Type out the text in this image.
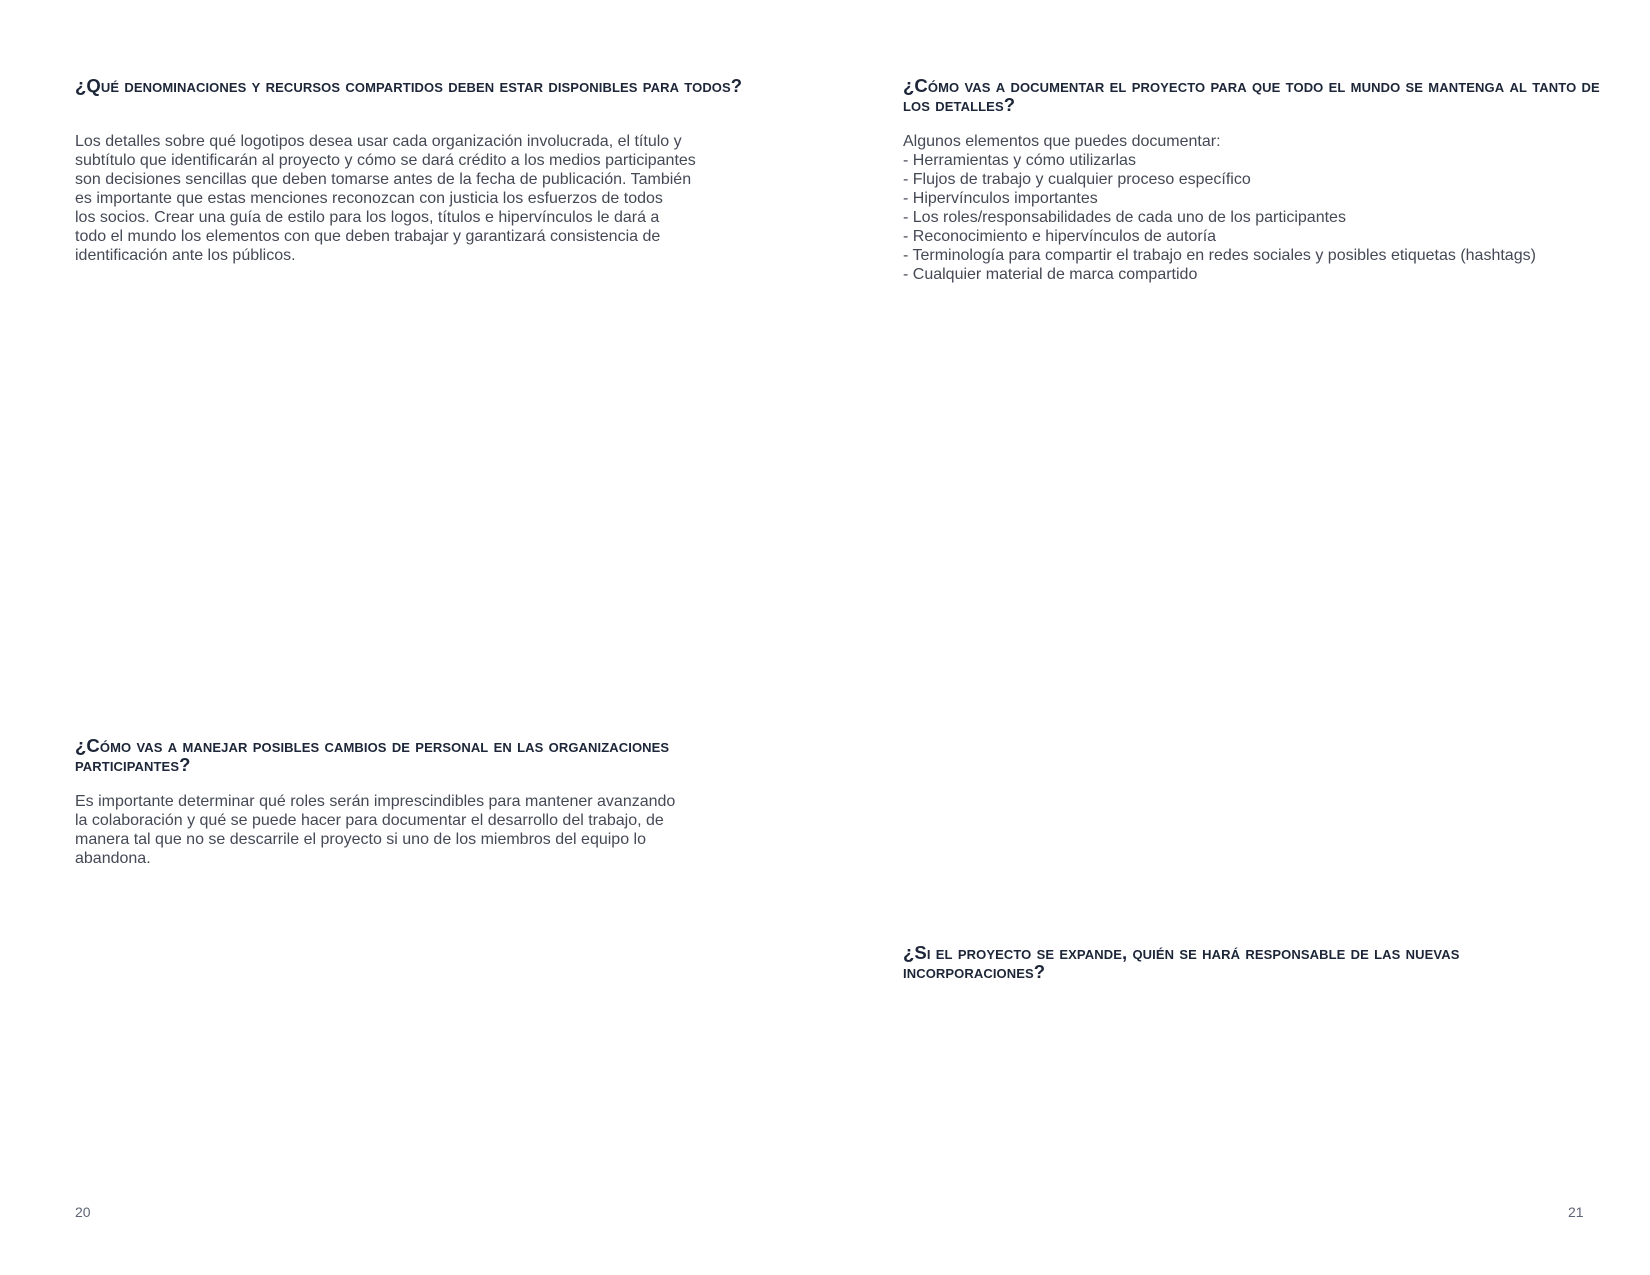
¿Qué denominaciones y recursos compartidos deben estar disponibles para todos?

Los detalles sobre qué logotipos desea usar cada organización involucrada, el título y
subtítulo que identificarán al proyecto y cómo se dará crédito a los medios participantes
son decisiones sencillas que deben tomarse antes de la fecha de publicación. También
es importante que estas menciones reconozcan con justicia los esfuerzos de todos
los socios. Crear una guía de estilo para los logos, títulos e hipervínculos le dará a
todo el mundo los elementos con que deben trabajar y garantizará consistencia de
identificación ante los públicos.

¿Cómo vas a manejar posibles cambios de personal en las organizaciones participantes?

Es importante determinar qué roles serán imprescindibles para mantener avanzando
la colaboración y qué se puede hacer para documentar el desarrollo del trabajo, de
manera tal que no se descarrile el proyecto si uno de los miembros del equipo lo
abandona.

20
¿Cómo vas a documentar el proyecto para que todo el mundo se mantenga al tanto de los detalles?

Algunos elementos que puedes documentar:

- Herramientas y cómo utilizarlas
- Flujos de trabajo y cualquier proceso específico
- Hipervínculos importantes
- Los roles/responsabilidades de cada uno de los participantes
- Reconocimiento e hipervínculos de autoría
- Terminología para compartir el trabajo en redes sociales y posibles etiquetas (hashtags)
- Cualquier material de marca compartido
¿Si el proyecto se expande, quién se hará responsable de las nuevas incorporaciones?
21
